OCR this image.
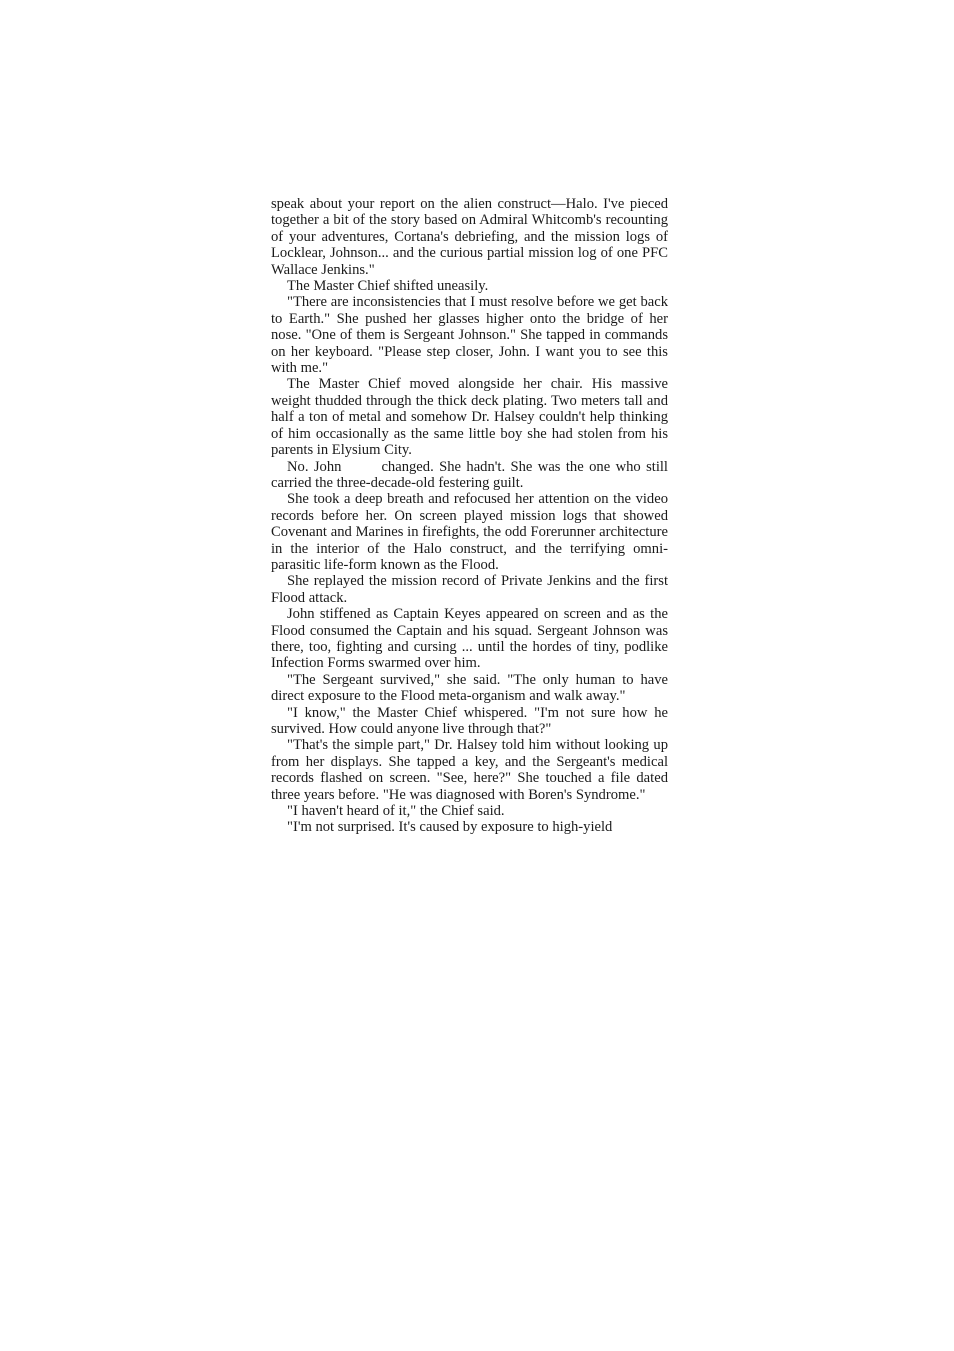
speak about your report on the alien construct—Halo. I've pieced together a bit of the story based on Admiral Whitcomb's recounting of your adventures, Cortana's debriefing, and the mission logs of Locklear, Johnson... and the curious partial mission log of one PFC Wallace Jenkins."

The Master Chief shifted uneasily.

"There are inconsistencies that I must resolve before we get back to Earth." She pushed her glasses higher onto the bridge of her nose. "One of them is Sergeant Johnson." She tapped in commands on her keyboard. "Please step closer, John. I want you to see this with me."

The Master Chief moved alongside her chair. His massive weight thudded through the thick deck plating. Two meters tall and half a ton of metal and somehow Dr. Halsey couldn't help thinking of him occasionally as the same little boy she had stolen from his parents in Elysium City.

No. John	changed. She hadn't. She was the one who still carried the three-decade-old festering guilt.

She took a deep breath and refocused her attention on the video records before her. On screen played mission logs that showed Covenant and Marines in firefights, the odd Forerunner architecture in the interior of the Halo construct, and the terrifying omni-parasitic life-form known as the Flood.

She replayed the mission record of Private Jenkins and the first Flood attack.

John stiffened as Captain Keyes appeared on screen and as the Flood consumed the Captain and his squad. Sergeant Johnson was there, too, fighting and cursing ... until the hordes of tiny, podlike Infection Forms swarmed over him.

"The Sergeant survived," she said. "The only human to have direct exposure to the Flood meta-organism and walk away."

"I know," the Master Chief whispered. "I'm not sure how he survived. How could anyone live through that?"

"That's the simple part," Dr. Halsey told him without looking up from her displays. She tapped a key, and the Sergeant's medical records flashed on screen. "See, here?" She touched a file dated three years before. "He was diagnosed with Boren's Syndrome."

"I haven't heard of it," the Chief said.

"I'm not surprised. It's caused by exposure to high-yield
